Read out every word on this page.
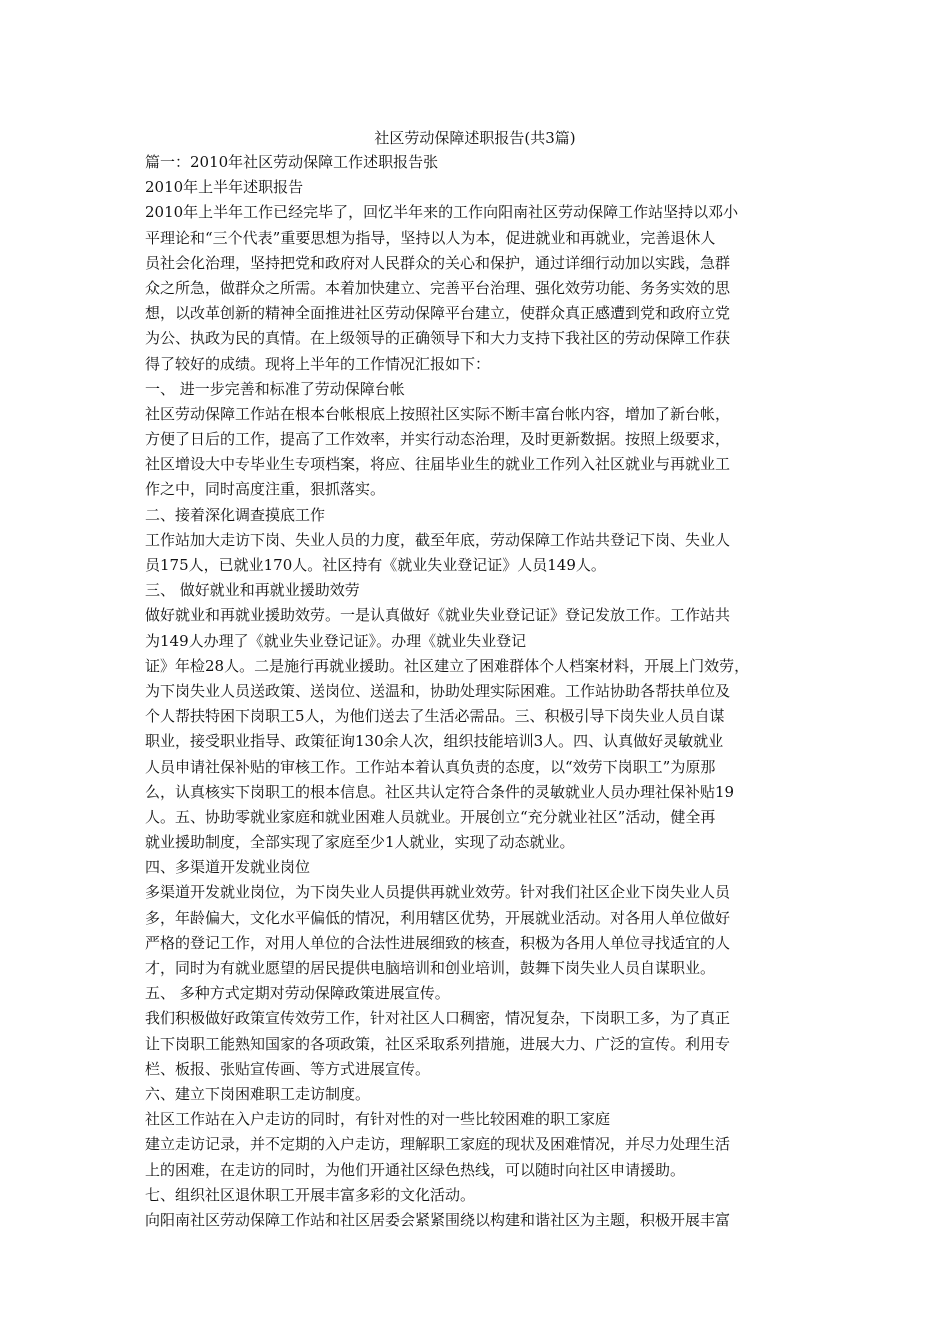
社区劳动保障述职报告(共3篇)
篇一：2010年社区劳动保障工作述职报告张
2010年上半年述职报告
2010年上半年工作已经完毕了，回忆半年来的工作向阳南社区劳动保障工作站坚持以邓小
平理论和“三个代表”重要思想为指导，坚持以人为本，促进就业和再就业，完善退休人
员社会化治理，坚持把党和政府对人民群众的关心和保护，通过详细行动加以实践，急群
众之所急，做群众之所需。本着加快建立、完善平台治理、强化效劳功能、务务实效的思
想，以改革创新的精神全面推进社区劳动保障平台建立，使群众真正感遭到党和政府立党
为公、执政为民的真情。在上级领导的正确领导下和大力支持下我社区的劳动保障工作获
得了较好的成绩。现将上半年的工作情况汇报如下：
一、 进一步完善和标准了劳动保障台帐
社区劳动保障工作站在根本台帐根底上按照社区实际不断丰富台帐内容，增加了新台帐，
方便了日后的工作，提高了工作效率，并实行动态治理，及时更新数据。按照上级要求，
社区增设大中专毕业生专项档案，将应、往届毕业生的就业工作列入社区就业与再就业工
作之中，同时高度注重，狠抓落实。
二、接着深化调查摸底工作
工作站加大走访下岗、失业人员的力度，截至年底，劳动保障工作站共登记下岗、失业人
员175人，已就业170人。社区持有《就业失业登记证》人员149人。
三、 做好就业和再就业援助效劳
做好就业和再就业援助效劳。一是认真做好《就业失业登记证》登记发放工作。工作站共
为149人办理了《就业失业登记证》。办理《就业失业登记
证》年检28人。二是施行再就业援助。社区建立了困难群体个人档案材料，开展上门效劳，
为下岗失业人员送政策、送岗位、送温和，协助处理实际困难。工作站协助各帮扶单位及
个人帮扶特困下岗职工5人，为他们送去了生活必需品。三、积极引导下岗失业人员自谋
职业，接受职业指导、政策征询130余人次，组织技能培训3人。四、认真做好灵敏就业
人员申请社保补贴的审核工作。工作站本着认真负责的态度，以“效劳下岗职工”为原那
么，认真核实下岗职工的根本信息。社区共认定符合条件的灵敏就业人员办理社保补贴19
人。五、协助零就业家庭和就业困难人员就业。开展创立“充分就业社区”活动，健全再
就业援助制度，全部实现了家庭至少1人就业，实现了动态就业。
四、多渠道开发就业岗位
多渠道开发就业岗位，为下岗失业人员提供再就业效劳。针对我们社区企业下岗失业人员
多，年龄偏大，文化水平偏低的情况，利用辖区优势，开展就业活动。对各用人单位做好
严格的登记工作，对用人单位的合法性进展细致的核查，积极为各用人单位寻找适宜的人
才，同时为有就业愿望的居民提供电脑培训和创业培训，鼓舞下岗失业人员自谋职业。
五、 多种方式定期对劳动保障政策进展宣传。
我们积极做好政策宣传效劳工作，针对社区人口稠密，情况复杂，下岗职工多，为了真正
让下岗职工能熟知国家的各项政策，社区采取系列措施，进展大力、广泛的宣传。利用专
栏、板报、张贴宣传画、等方式进展宣传。
六、建立下岗困难职工走访制度。
社区工作站在入户走访的同时，有针对性的对一些比较困难的职工家庭
建立走访记录，并不定期的入户走访，理解职工家庭的现状及困难情况，并尽力处理生活
上的困难，在走访的同时，为他们开通社区绿色热线，可以随时向社区申请援助。
七、组织社区退休职工开展丰富多彩的文化活动。
向阳南社区劳动保障工作站和社区居委会紧紧围绕以构建和谐社区为主题，积极开展丰富
